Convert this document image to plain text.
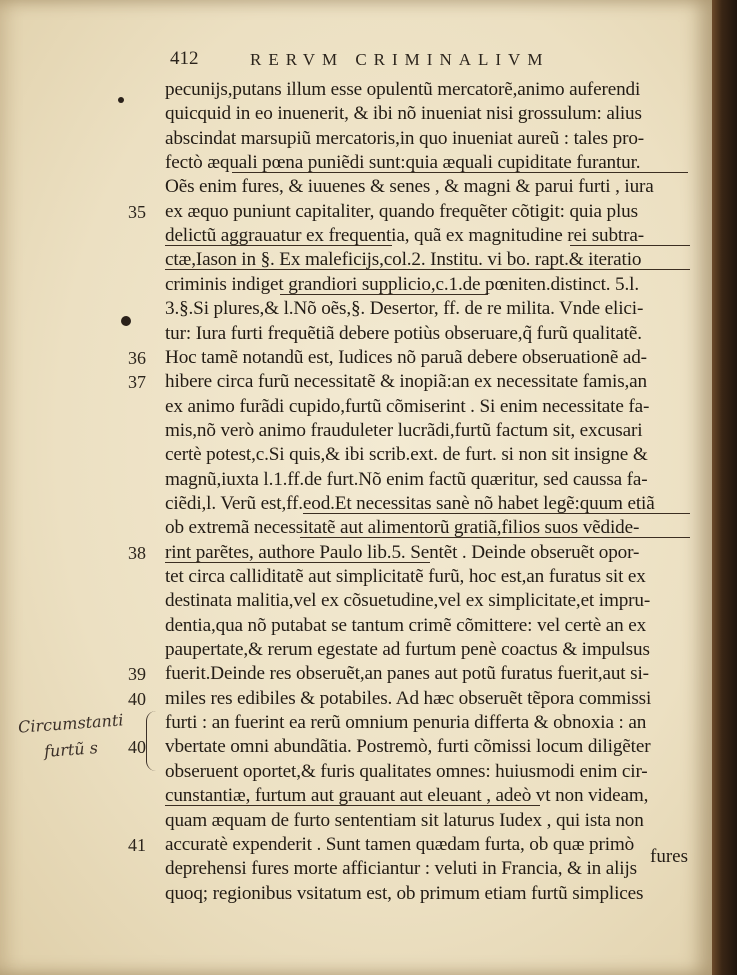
412	RERVM CRIMINALIVM
pecunijs,putans illum esse opulentũ mercatorẽ,animo auferendi
quicquid in eo inuenerit, & ibi nõ inueniat nisi grossulum: alius
abscindat marsupiũ mercatoris,in quo inueniat aureũ : tales pro-
fectò æquali pœna puniẽdi sunt:quia æquali cupiditate furantur.
Oẽs enim fures, & iuuenes & senes , & magni & parui furti , iura
ex æquo puniunt capitaliter, quando frequẽter cõtigit: quia plus
35
delictũ aggrauatur ex frequentia, quã ex magnitudine rei subtra-
ctæ,Iason in §. Ex maleficijs,col.2. Institu. vi bo. rapt.& iteratio
criminis indiget grandiori supplicio,c.1.de pœniten.distinct. 5.l.
3.§.Si plures,& l.Nõ oẽs,§. Desertor, ff. de re milita. Vnde elici-
tur: Iura furti frequẽtiã debere potiùs obseruare,q̃ furũ qualitatẽ.
Hoc tamẽ notandũ est, Iudices nõ paruã debere obseruationẽ ad-
36
hibere circa furũ necessitatẽ & inopiã:an ex necessitate famis,an
37
ex animo furãdi cupido,furtũ cõmiserint . Si enim necessitate fa-
mis,nõ verò animo frauduleter lucrãdi,furtũ factum sit, excusari
certè potest,c.Si quis,& ibi scrib.ext. de furt. si non sit insigne &
magnũ,iuxta l.1.ff.de furt.Nõ enim factũ quæritur, sed caussa fa-
ciẽdi,l. Verũ est,ff.eod.Et necessitas sanè nõ habet legẽ:quum etiã
ob extremã necessitatẽ aut alimentorũ gratiã,filios suos vẽdide-
rint parẽtes, authore Paulo lib.5. Sentẽt . Deinde obseruẽt opor-
38
tet circa calliditatẽ aut simplicitatẽ furũ, hoc est,an furatus sit ex
destinata malitia,vel ex cõsuetudine,vel ex simplicitate,et impru-
dentia,qua nõ putabat se tantum crimẽ cõmittere: vel certè an ex
paupertate,& rerum egestate ad furtum penè coactus & impulsus
fuerit.Deinde res obseruẽt,an panes aut potũ furatus fuerit,aut si-
39
miles res edibiles & potabiles. Ad hæc obseruẽt tẽpora commissi
40
furti : an fuerint ea rerũ omnium penuria differta & obnoxia : an
vbertate omni abundãtia. Postremò, furti cõmissi locum diligẽter
40
obseruent oportet,& furis qualitates omnes: huiusmodi enim cir-
cunstantiæ, furtum aut grauant aut eleuant , adeò vt non videam,
quam æquam de furto sententiam sit laturus Iudex , qui ista non
accuratè expenderit . Sunt tamen quædam furta, ob quæ primò
41
deprehensi fures morte afficiantur : veluti in Francia, & in alijs
quoq; regionibus vsitatum est, ob primum etiam furtũ simplices
Circumstanti
furtũ s
fures
